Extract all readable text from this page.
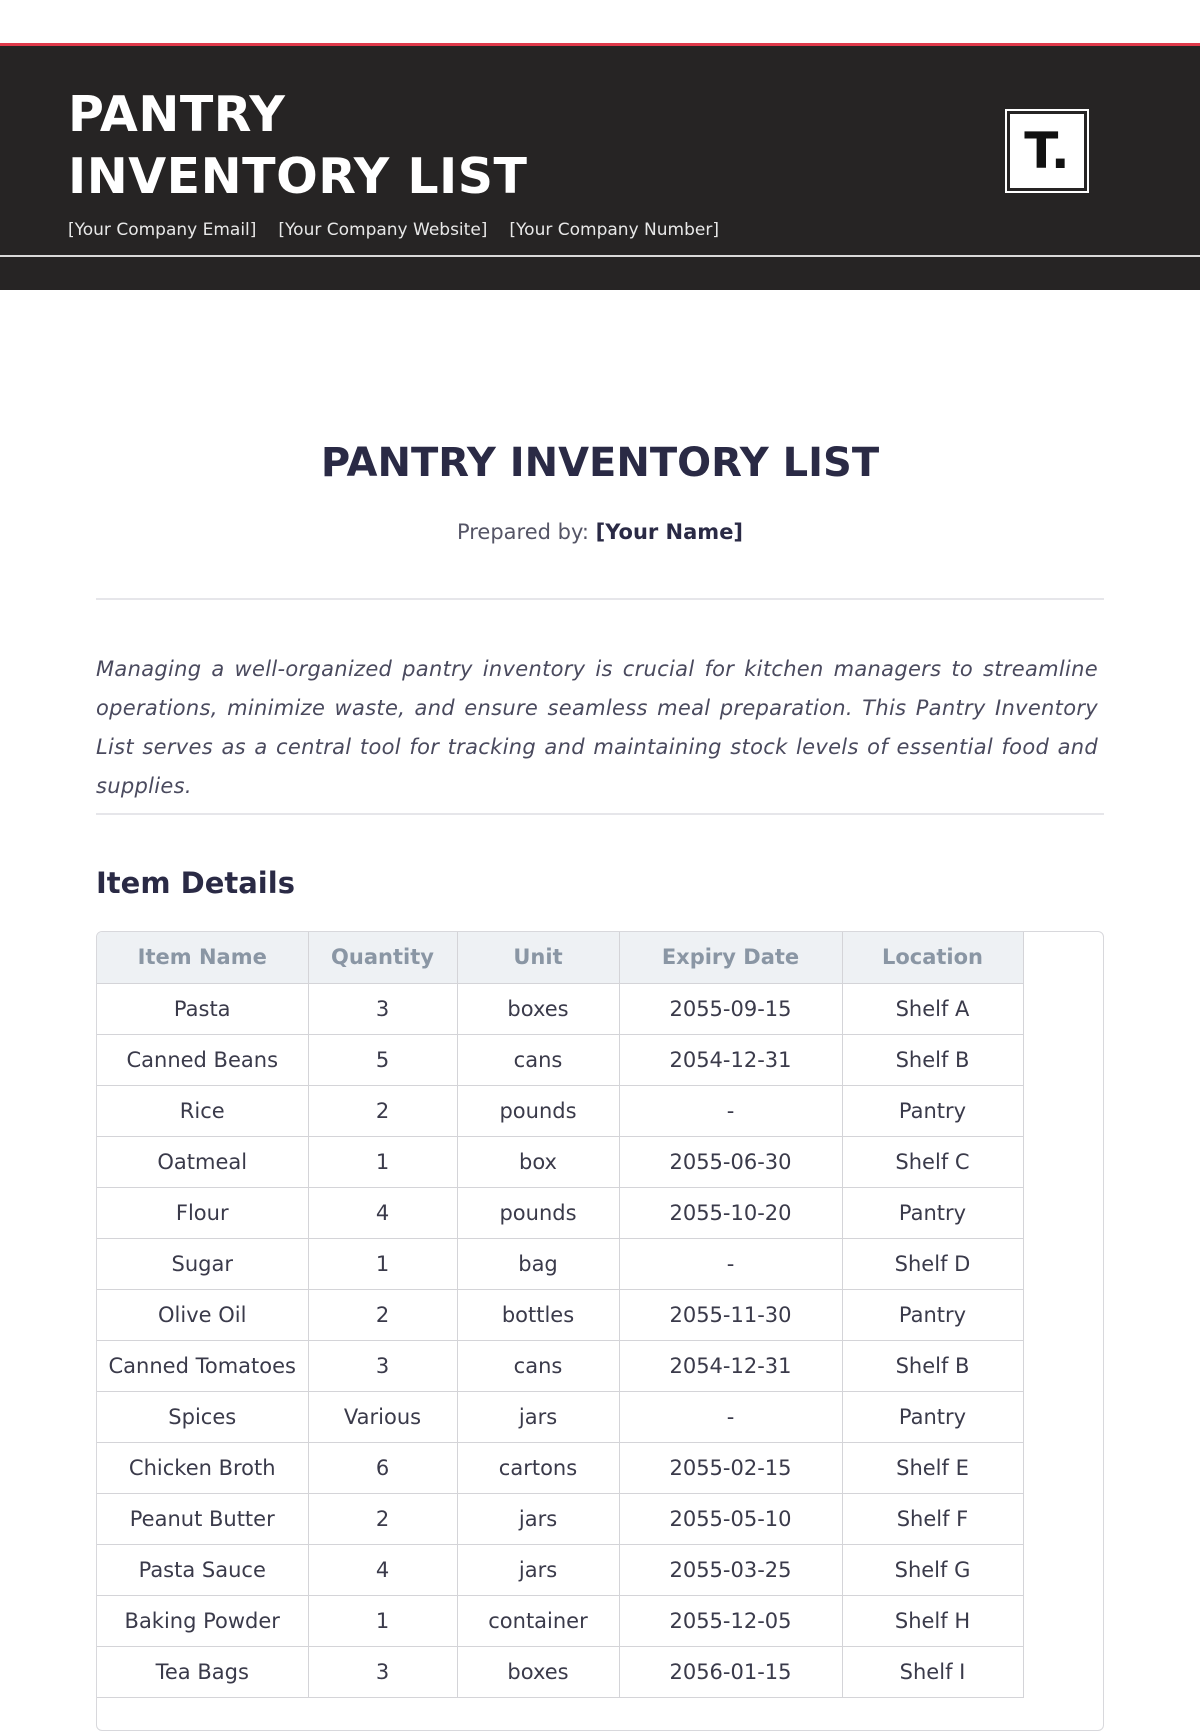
PANTRY
INVENTORY LIST
[Your Company Email] [Your Company Website] [Your Company Number]
T.
PANTRY INVENTORY LIST
Prepared by: [Your Name]

Managing a well-organized pantry inventory is crucial for kitchen managers to streamline operations, minimize waste, and ensure seamless meal preparation. This Pantry Inventory List serves as a central tool for tracking and maintaining stock levels of essential food and supplies.

Item Details
Item Name	Quantity	Unit	Expiry Date	Location
Pasta	3	boxes	2055-09-15	Shelf A
Canned Beans	5	cans	2054-12-31	Shelf B
Rice	2	pounds	-	Pantry
Oatmeal	1	box	2055-06-30	Shelf C
Flour	4	pounds	2055-10-20	Pantry
Sugar	1	bag	-	Shelf D
Olive Oil	2	bottles	2055-11-30	Pantry
Canned Tomatoes	3	cans	2054-12-31	Shelf B
Spices	Various	jars	-	Pantry
Chicken Broth	6	cartons	2055-02-15	Shelf E
Peanut Butter	2	jars	2055-05-10	Shelf F
Pasta Sauce	4	jars	2055-03-25	Shelf G
Baking Powder	1	container	2055-12-05	Shelf H
Tea Bags	3	boxes	2056-01-15	Shelf I
